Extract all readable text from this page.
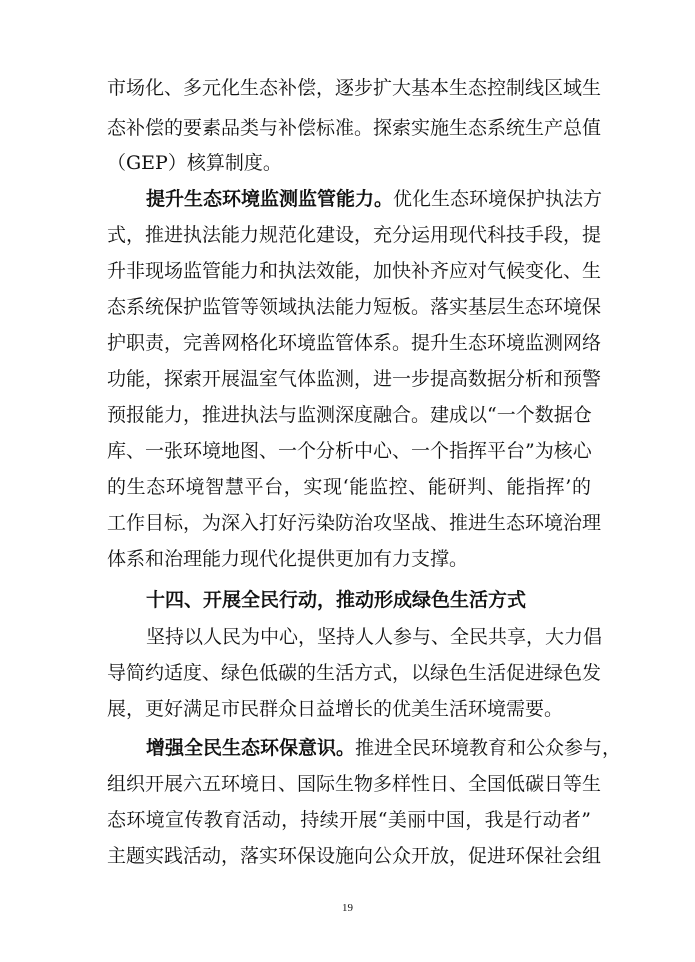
市场化、多元化生态补偿，逐步扩大基本生态控制线区域生
态补偿的要素品类与补偿标准。探索实施生态系统生产总值
（GEP）核算制度。
提升生态环境监测监管能力。优化生态环境保护执法方
式，推进执法能力规范化建设，充分运用现代科技手段，提
升非现场监管能力和执法效能，加快补齐应对气候变化、生
态系统保护监管等领域执法能力短板。落实基层生态环境保
护职责，完善网格化环境监管体系。提升生态环境监测网络
功能，探索开展温室气体监测，进一步提高数据分析和预警
预报能力，推进执法与监测深度融合。建成以“一个数据仓
库、一张环境地图、一个分析中心、一个指挥平台”为核心
的生态环境智慧平台，实现‘能监控、能研判、能指挥’的
工作目标，为深入打好污染防治攻坚战、推进生态环境治理
体系和治理能力现代化提供更加有力支撑。
十四、开展全民行动，推动形成绿色生活方式
坚持以人民为中心，坚持人人参与、全民共享，大力倡
导简约适度、绿色低碳的生活方式，以绿色生活促进绿色发
展，更好满足市民群众日益增长的优美生活环境需要。
增强全民生态环保意识。推进全民环境教育和公众参与，
组织开展六五环境日、国际生物多样性日、全国低碳日等生
态环境宣传教育活动，持续开展“美丽中国，我是行动者”
主题实践活动，落实环保设施向公众开放，促进环保社会组
19
